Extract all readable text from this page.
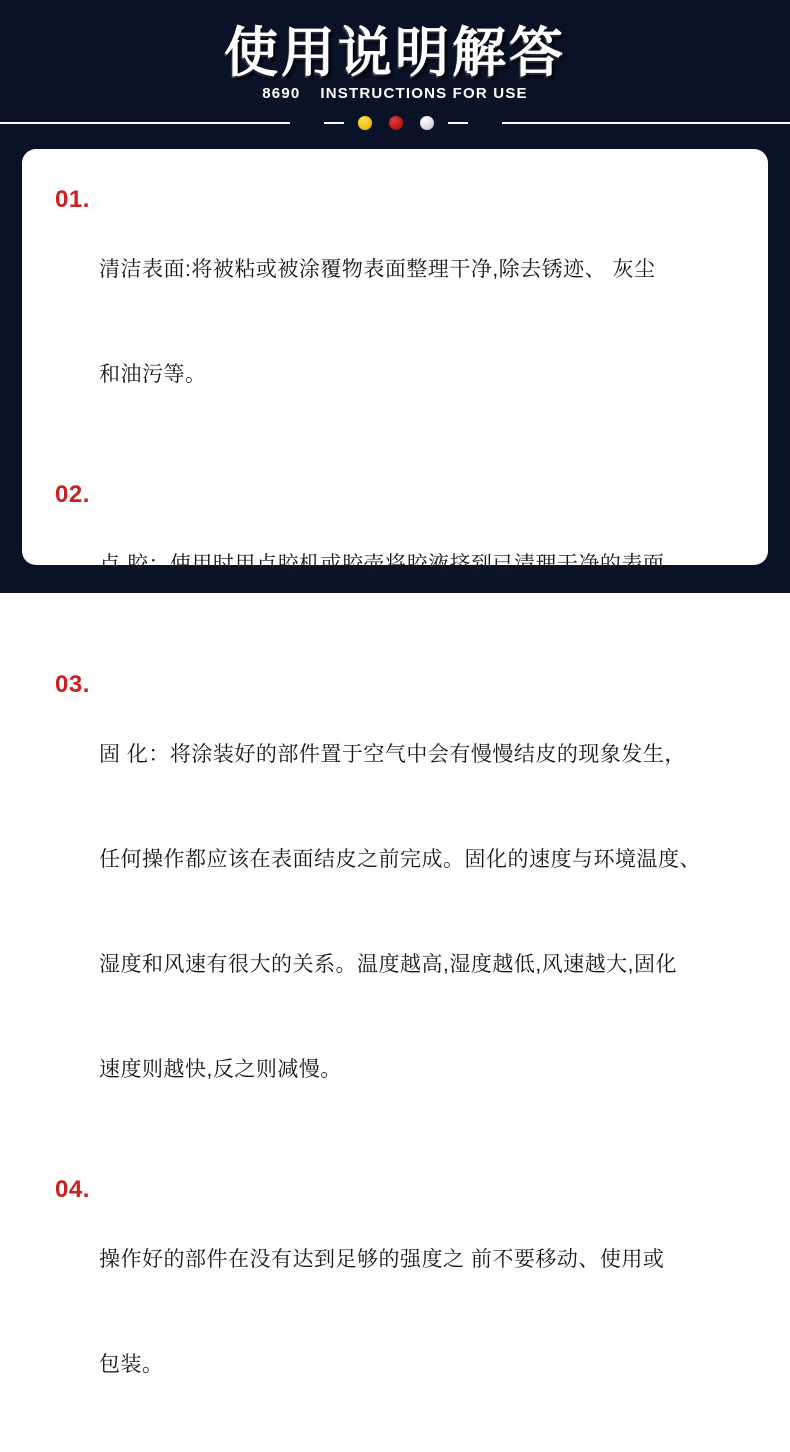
使用说明解答
8690 INSTRUCTIONS FOR USE
01.

清洁表面:将被粘或被涂覆物表面整理干净,除去锈迹、 灰尘

和油污等。

02.

点 胶：使用时用点胶机或胶壶将胶液挤到已清理干净的表面。

03.

固 化：将涂装好的部件置于空气中会有慢慢结皮的现象发生，

任何操作都应该在表面结皮之前完成。固化的速度与环境温度、

湿度和风速有很大的关系。温度越高,湿度越低,风速越大,固化

速度则越快,反之则减慢。

04.

操作好的部件在没有达到足够的强度之 前不要移动、使用或

包装。
